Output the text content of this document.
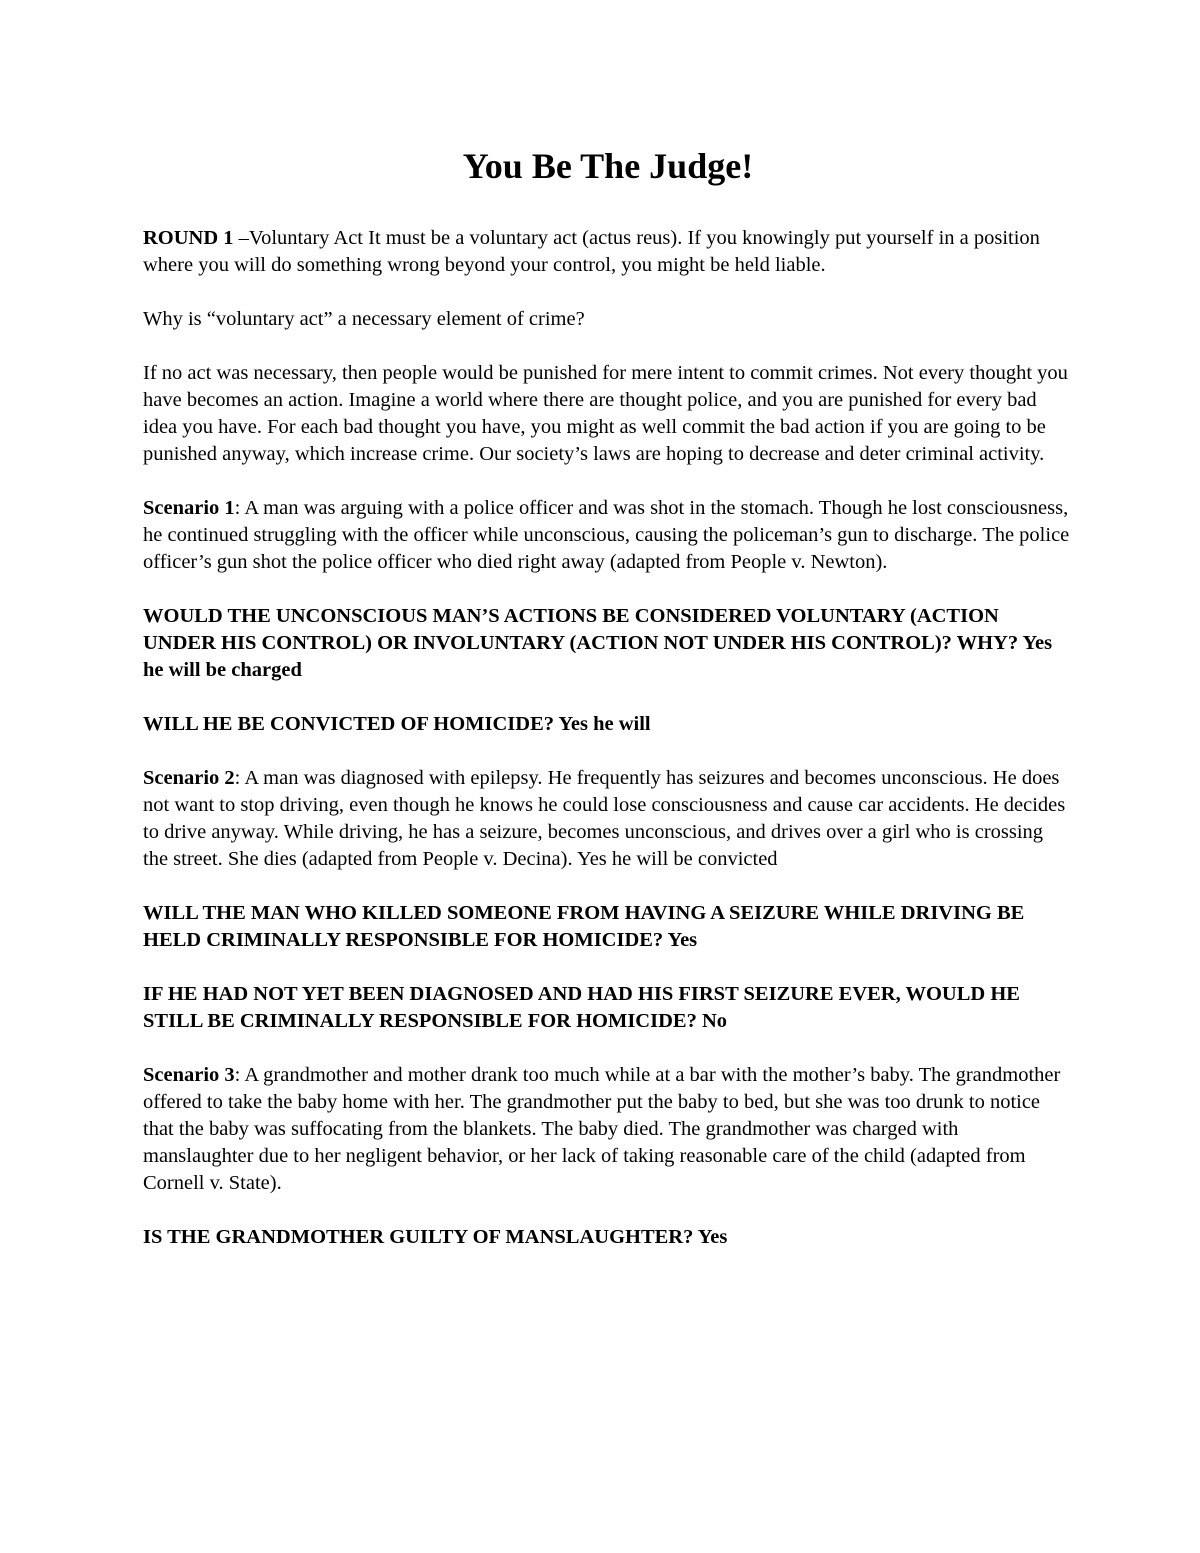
You Be The Judge!

ROUND 1 –Voluntary Act It must be a voluntary act (actus reus). If you knowingly put yourself in a position where you will do something wrong beyond your control, you might be held liable.

Why is “voluntary act” a necessary element of crime?

If no act was necessary, then people would be punished for mere intent to commit crimes. Not every thought you have becomes an action. Imagine a world where there are thought police, and you are punished for every bad idea you have. For each bad thought you have, you might as well commit the bad action if you are going to be punished anyway, which increase crime. Our society’s laws are hoping to decrease and deter criminal activity.

Scenario 1: A man was arguing with a police officer and was shot in the stomach. Though he lost consciousness, he continued struggling with the officer while unconscious, causing the policeman’s gun to discharge. The police officer’s gun shot the police officer who died right away (adapted from People v. Newton).

WOULD THE UNCONSCIOUS MAN’S ACTIONS BE CONSIDERED VOLUNTARY (ACTION UNDER HIS CONTROL) OR INVOLUNTARY (ACTION NOT UNDER HIS CONTROL)? WHY? Yes he will be charged

WILL HE BE CONVICTED OF HOMICIDE? Yes he will

Scenario 2: A man was diagnosed with epilepsy. He frequently has seizures and becomes unconscious. He does not want to stop driving, even though he knows he could lose consciousness and cause car accidents. He decides to drive anyway. While driving, he has a seizure, becomes unconscious, and drives over a girl who is crossing the street. She dies (adapted from People v. Decina). Yes he will be convicted

WILL THE MAN WHO KILLED SOMEONE FROM HAVING A SEIZURE WHILE DRIVING BE HELD CRIMINALLY RESPONSIBLE FOR HOMICIDE? Yes

IF HE HAD NOT YET BEEN DIAGNOSED AND HAD HIS FIRST SEIZURE EVER, WOULD HE STILL BE CRIMINALLY RESPONSIBLE FOR HOMICIDE? No

Scenario 3: A grandmother and mother drank too much while at a bar with the mother’s baby. The grandmother offered to take the baby home with her. The grandmother put the baby to bed, but she was too drunk to notice that the baby was suffocating from the blankets. The baby died. The grandmother was charged with manslaughter due to her negligent behavior, or her lack of taking reasonable care of the child (adapted from Cornell v. State).

IS THE GRANDMOTHER GUILTY OF MANSLAUGHTER? Yes
